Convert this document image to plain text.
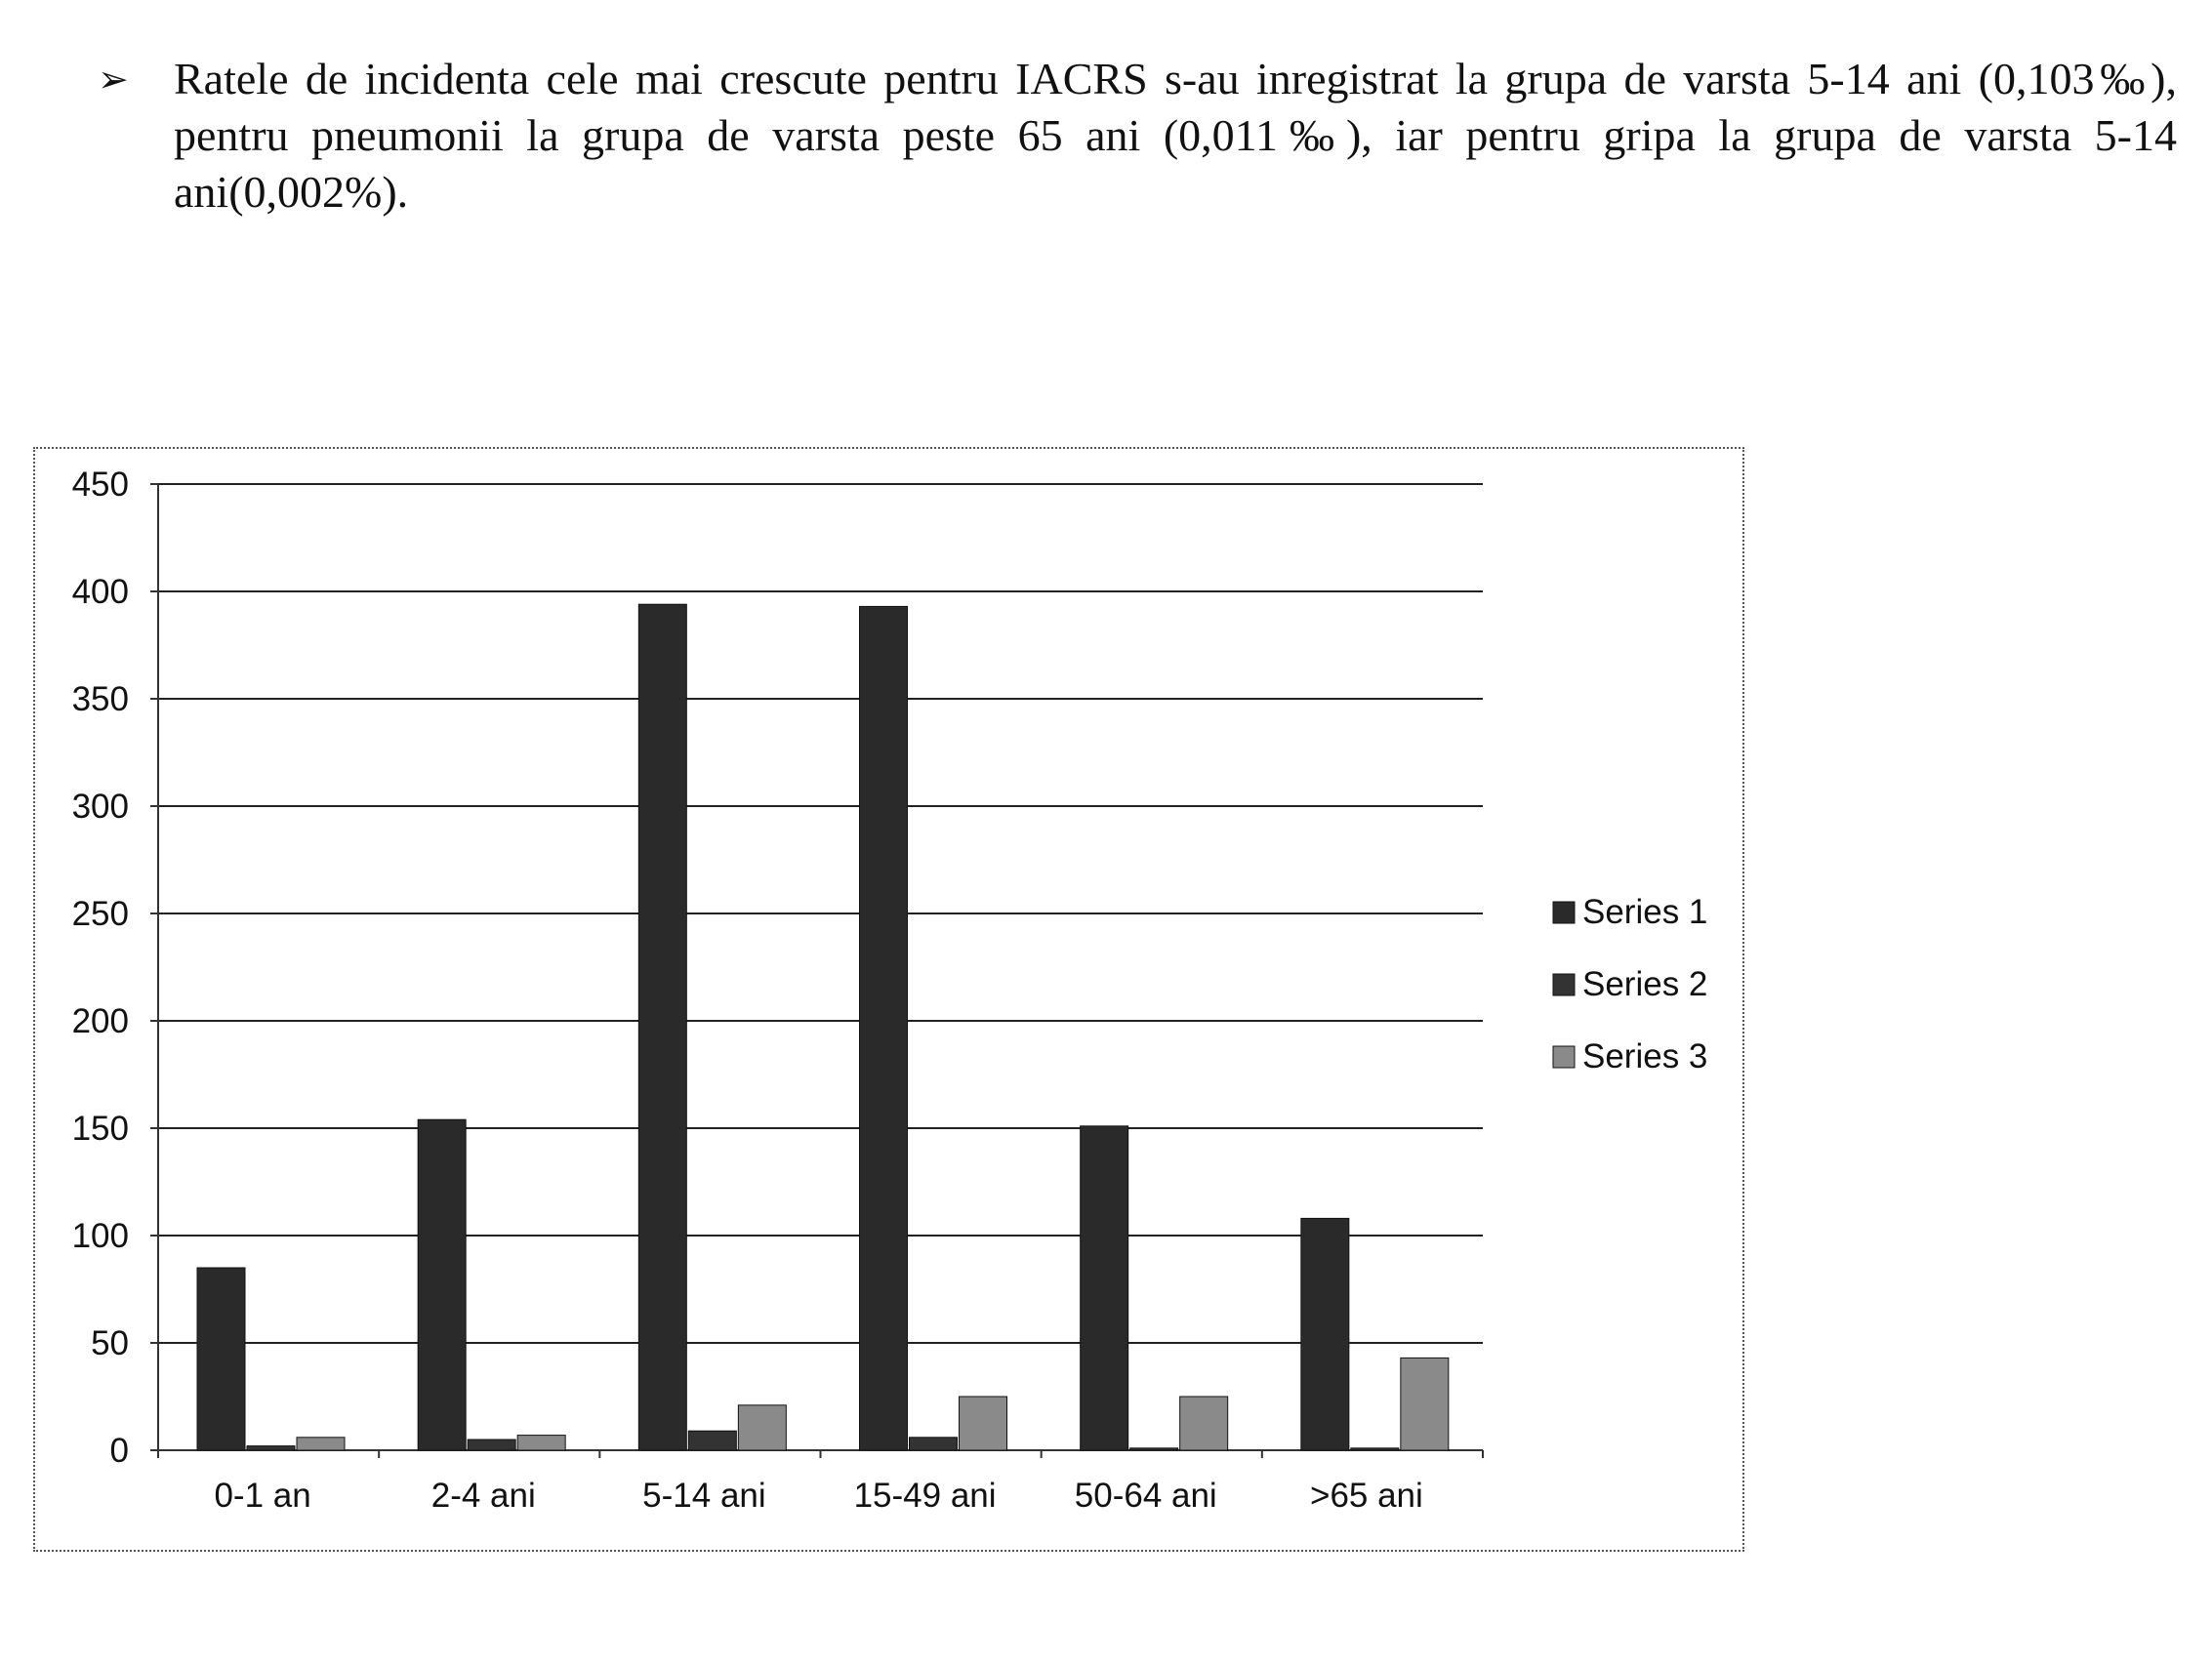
➢ Ratele de incidenta cele mai crescute pentru IACRS s-au inregistrat la grupa de varsta 5-14 ani (0,103‰), pentru pneumonii la grupa de varsta peste 65 ani (0,011‰), iar pentru gripa la grupa de varsta 5-14 ani(0,002%).
0
50
100
150
200
250
300
350
400
450
0-1 an	2-4 ani	5-14 ani	15-49 ani 50-64 ani	>65 ani
Series 1
Series 2
Series 3
